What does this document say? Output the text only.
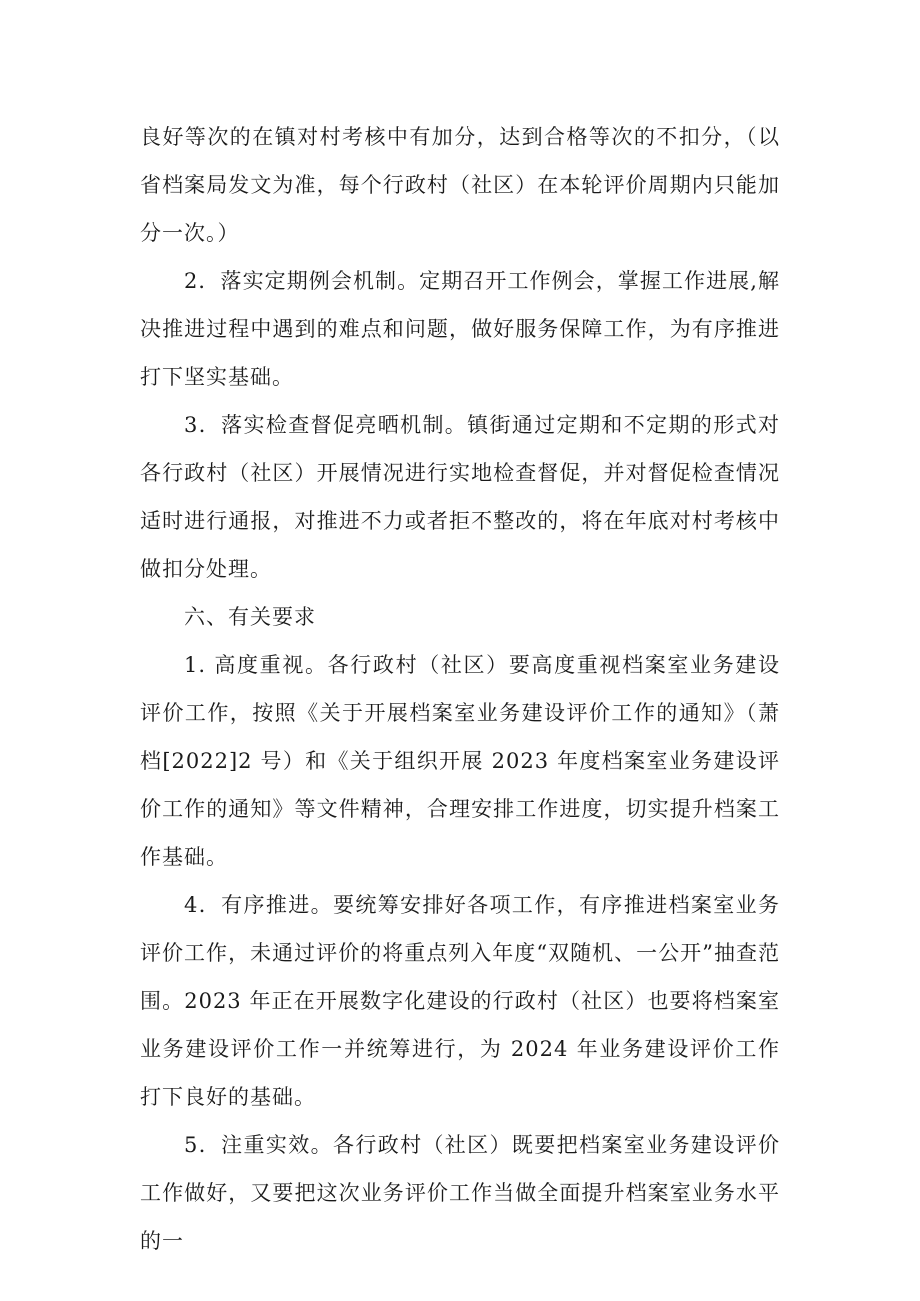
良好等次的在镇对村考核中有加分，达到合格等次的不扣分，（以省档案局发文为准，每个行政村（社区）在本轮评价周期内只能加分一次。）

2．落实定期例会机制。定期召开工作例会，掌握工作进展,解决推进过程中遇到的难点和问题，做好服务保障工作，为有序推进打下坚实基础。

3．落实检查督促亮晒机制。镇街通过定期和不定期的形式对各行政村（社区）开展情况进行实地检查督促，并对督促检查情况适时进行通报，对推进不力或者拒不整改的，将在年底对村考核中做扣分处理。

六、有关要求

1. 高度重视。各行政村（社区）要高度重视档案室业务建设评价工作，按照《关于开展档案室业务建设评价工作的通知》（萧档[2022]2 号）和《关于组织开展 2023 年度档案室业务建设评价工作的通知》等文件精神，合理安排工作进度，切实提升档案工作基础。

4．有序推进。要统筹安排好各项工作，有序推进档案室业务评价工作，未通过评价的将重点列入年度“双随机、一公开”抽查范围。2023 年正在开展数字化建设的行政村（社区）也要将档案室业务建设评价工作一并统筹进行，为 2024 年业务建设评价工作打下良好的基础。

5．注重实效。各行政村（社区）既要把档案室业务建设评价工作做好，又要把这次业务评价工作当做全面提升档案室业务水平的一
